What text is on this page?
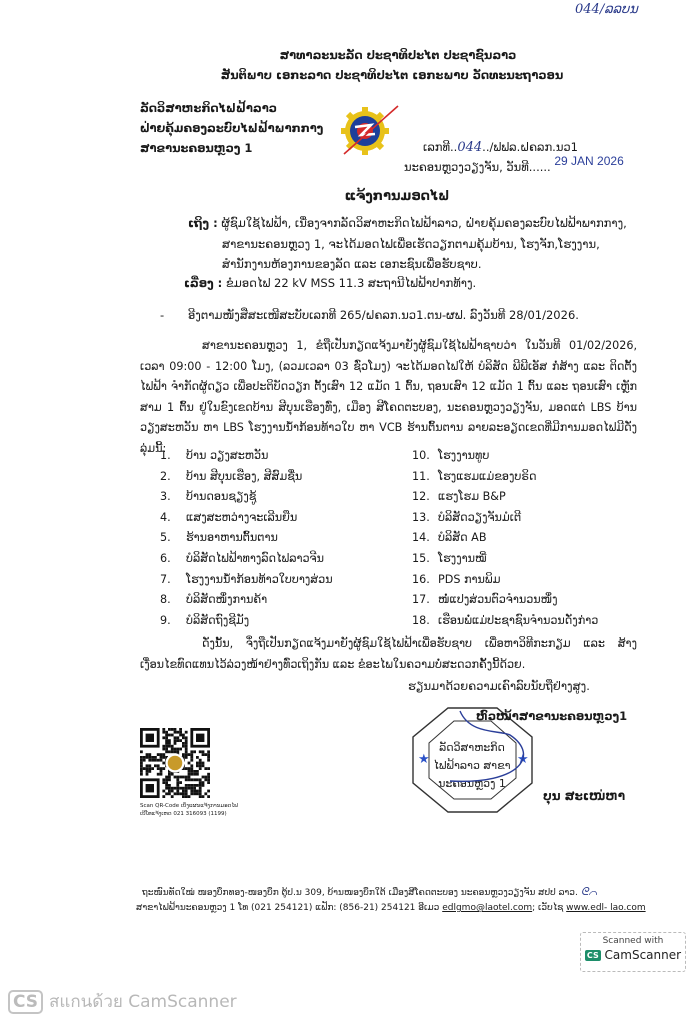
044/ລລບນ
ສາທາລະນະລັດ ປະຊາທິປະໄຕ ປະຊາຊົນລາວ
ສັນຕິພາບ ເອກະລາດ ປະຊາທິປະໄຕ ເອກະພາບ ວັດທະນະຖາວອນ
ລັດວິສາຫະກິດໄຟຟ້າລາວ
ຝ່າຍຄຸ້ມຄອງລະບົບໄຟຟ້າພາກກາງ
ສາຂານະຄອນຫຼວງ 1	ເລກທີ..044../ຟຟລ.ຝຄລກ.ນວ1
ນະຄອນຫຼວງວຽງຈັນ, ວັນທີ...... 29 JAN 2026
ແຈ້ງການມອດໄຟ
ເຖິງ : ຜູ້ຊົມໃຊ້ໄຟຟ້າ, ເນື່ອງຈາກລັດວິສາຫະກິດໄຟຟ້າລາວ, ຝ່າຍຄຸ້ມຄອງລະບົບໄຟຟ້າພາກກາງ,
ສາຂານະຄອນຫຼວງ 1, ຈະໄດ້ມອດໄຟເພື່ອເຮັດວຽກຕາມຄຸ້ມບ້ານ, ໂຮງຈັກ,ໂຮງງານ,
ສຳນັກງານຫ້ອງການຂອງລັດ ແລະ ເອກະຊົນເພື່ອຮັບຊາບ.
ເລື່ອງ : ຂໍມອດໄຟ 22 kV MSS 11.3 ສະຖານີໄຟຟ້າປາກທ້າງ.
- ອີງຕາມໜັງສືສະເໜີສະບັບເລກທີ 265/ຝຄລກ.ນວ1.ຕນ-ຜຟ. ລົງວັນທີ 28/01/2026.
ສາຂານະຄອນຫຼວງ 1, ຂໍຖືເປັນກຽດແຈ້ງມາຍັງຜູ້ຊົມໃຊ້ໄຟຟ້າຊາບວ່າ ໃນວັນທີ 01/02/2026, ເວລາ 09:00 - 12:00 ໂມງ, (ລວມເວລາ 03 ຊົ່ວໂມງ) ຈະໄດ້ມອດໄຟໃຫ້ ບໍລິສັດ ພີພີເອັສ ກໍ່ສ້າງ ແລະ ຕິດຕັ້ງໄຟຟ້າ ຈຳກັດຜູ້ດຽວ ເພື່ອປະຕິບັດວຽກ ຕັ້ງເສົາ 12 ແມັດ 1 ຕົ້ນ, ຖອນເສົາ 12 ແມັດ 1 ຕົ້ນ ແລະ ຖອນເສົາ ເຫຼັກສາມ 1 ຕົ້ນ ຢູ່ໃນຂົງເຂດບ້ານ ສີບຸນເຮືອງທົ່ງ, ເມືອງ ສີໂຄດຕະບອງ, ນະຄອນຫຼວງວຽງຈັນ, ມອດແຕ່ LBS ບ້ານວຽງສະຫວັນ ຫາ LBS ໂຮງງານນ້ຳກ້ອນທ້າວໃບ ຫາ VCB ຮ້ານຕົ້ນຕານ ລາຍລະອຽດເຂດທີ່ມີການມອດໄຟມີດັ່ງລຸ່ມນີ້:
1. ບ້ານ ວຽງສະຫວັນ
2. ບ້ານ ສີບຸນເຮືອງ, ສີສົມຊື່ນ
3. ບ້ານດອນຊຽງຊູ້
4. ແສງສະຫວ່າງຈະເລີນຍືນ
5. ຮ້ານອາຫານຕົ້ນຕານ
6. ບໍລິສັດໄຟຟ້າທາງລົດໄຟລາວຈີນ
7. ໂຮງງານນ້ຳກ້ອນທ້າວໃບບາງສ່ວນ
8. ບໍລິສັດໜຶ່ງການຄ້າ
9. ບໍລິສັດຖົງຊີມັງ
10. ໂຮງງານທູບ
11. ໂຮງແຮມແມ່ຂອງບຣິດ
12. ແຮງໂຮມ B&P
13. ບໍລິສັດວຽງຈັນມໍເຕີ
14. ບໍລິສັດ AB
15. ໂຮງງານໝີ່
16. PDS ການພິມ
17. ໜໍ່ແປງສ່ວນຕົວຈຳນວນໜຶ່ງ
18. ເຮືອນພໍ່ແມ່ປະຊາຊົນຈຳນວນດັ່ງກ່າວ
ດັ່ງນັ້ນ, ຈຶ່ງຖືເປັນກຽດແຈ້ງມາຍັງຜູ້ຊົມໃຊ້ໄຟຟ້າເພື່ອຮັບຊາບ ເພື່ອຫາວິທີກະກຽມ ແລະ ສ້າງເງື່ອນໄຂທົດແທນໄວ້ລ່ວງໜ້າຢ່າງທົ່ວເຖິງກັນ ແລະ ຂໍອະໄພໃນຄວາມບໍ່ສະດວກຄັ້ງນີ້ດ້ວຍ.
ຮຽນມາດ້ວຍຄວາມເຄົາລົບນັບຖືຢ່າງສູງ.
ລັດວິສາຫະກິດ
ໄຟຟ້າລາວ ສາຂາ
ນະຄອນຫຼວງ 1
★	★
ຫົວໜ້າສາຂານະຄອນຫຼວງ1
ບຸນ ສະເໜ່ຫາ
Scan QR-Code ເບິ່ງແຜນແຈ້ງການມອດໄຟ
ເບີໂທແຈ້ງເຫດ 021 316093 (1199)
ຖະໜົນທັດໃໝ່ ໜອງບຶກທອງ-ໜອງບຶກ ຕູ້ປ.ນ 309, ບ້ານໜອງບຶກໃຕ້ ເມືອງສີໂຄດຕະບອງ ນະຄອນຫຼວງວຽງຈັນ ສປປ ລາວ. ᘓ⌒
ສາຂາໄຟຟ້ານະຄອນຫຼວງ 1 ໂທ (021 254121) ແຟັກ: (856-21) 254121 ອີເມວ edlgmo@laotel.com; ເວັບໄຊ www.edl- lao.com
Scanned with
CS CamScanner
CS สแกนด้วย CamScanner
